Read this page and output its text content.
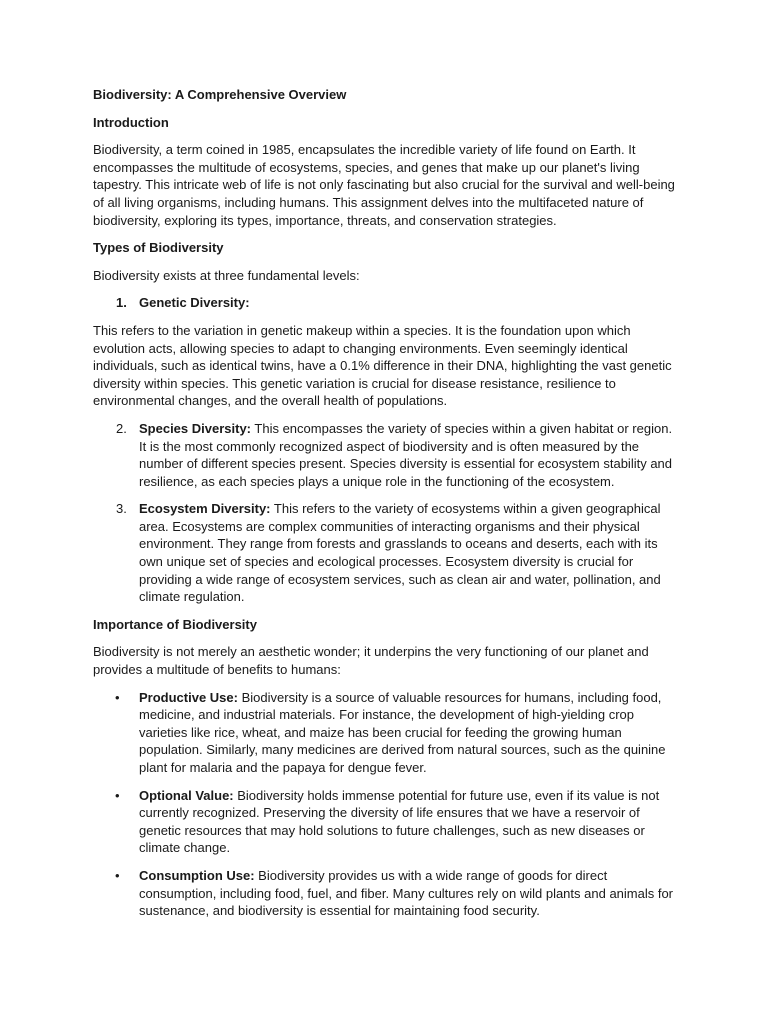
Biodiversity: A Comprehensive Overview

Introduction

Biodiversity, a term coined in 1985, encapsulates the incredible variety of life found on Earth. It encompasses the multitude of ecosystems, species, and genes that make up our planet's living tapestry. This intricate web of life is not only fascinating but also crucial for the survival and well-being of all living organisms, including humans. This assignment delves into the multifaceted nature of biodiversity, exploring its types, importance, threats, and conservation strategies.

Types of Biodiversity

Biodiversity exists at three fundamental levels:

1. Genetic Diversity:

This refers to the variation in genetic makeup within a species. It is the foundation upon which evolution acts, allowing species to adapt to changing environments. Even seemingly identical individuals, such as identical twins, have a 0.1% difference in their DNA, highlighting the vast genetic diversity within species. This genetic variation is crucial for disease resistance, resilience to environmental changes, and the overall health of populations.

2. Species Diversity: This encompasses the variety of species within a given habitat or region. It is the most commonly recognized aspect of biodiversity and is often measured by the number of different species present. Species diversity is essential for ecosystem stability and resilience, as each species plays a unique role in the functioning of the ecosystem.
3. Ecosystem Diversity: This refers to the variety of ecosystems within a given geographical area. Ecosystems are complex communities of interacting organisms and their physical environment. They range from forests and grasslands to oceans and deserts, each with its own unique set of species and ecological processes. Ecosystem diversity is crucial for providing a wide range of ecosystem services, such as clean air and water, pollination, and climate regulation.

Importance of Biodiversity

Biodiversity is not merely an aesthetic wonder; it underpins the very functioning of our planet and provides a multitude of benefits to humans:

• Productive Use: Biodiversity is a source of valuable resources for humans, including food, medicine, and industrial materials. For instance, the development of high-yielding crop varieties like rice, wheat, and maize has been crucial for feeding the growing human population. Similarly, many medicines are derived from natural sources, such as the quinine plant for malaria and the papaya for dengue fever.
• Optional Value: Biodiversity holds immense potential for future use, even if its value is not currently recognized. Preserving the diversity of life ensures that we have a reservoir of genetic resources that may hold solutions to future challenges, such as new diseases or climate change.
• Consumption Use: Biodiversity provides us with a wide range of goods for direct consumption, including food, fuel, and fiber. Many cultures rely on wild plants and animals for sustenance, and biodiversity is essential for maintaining food security.
